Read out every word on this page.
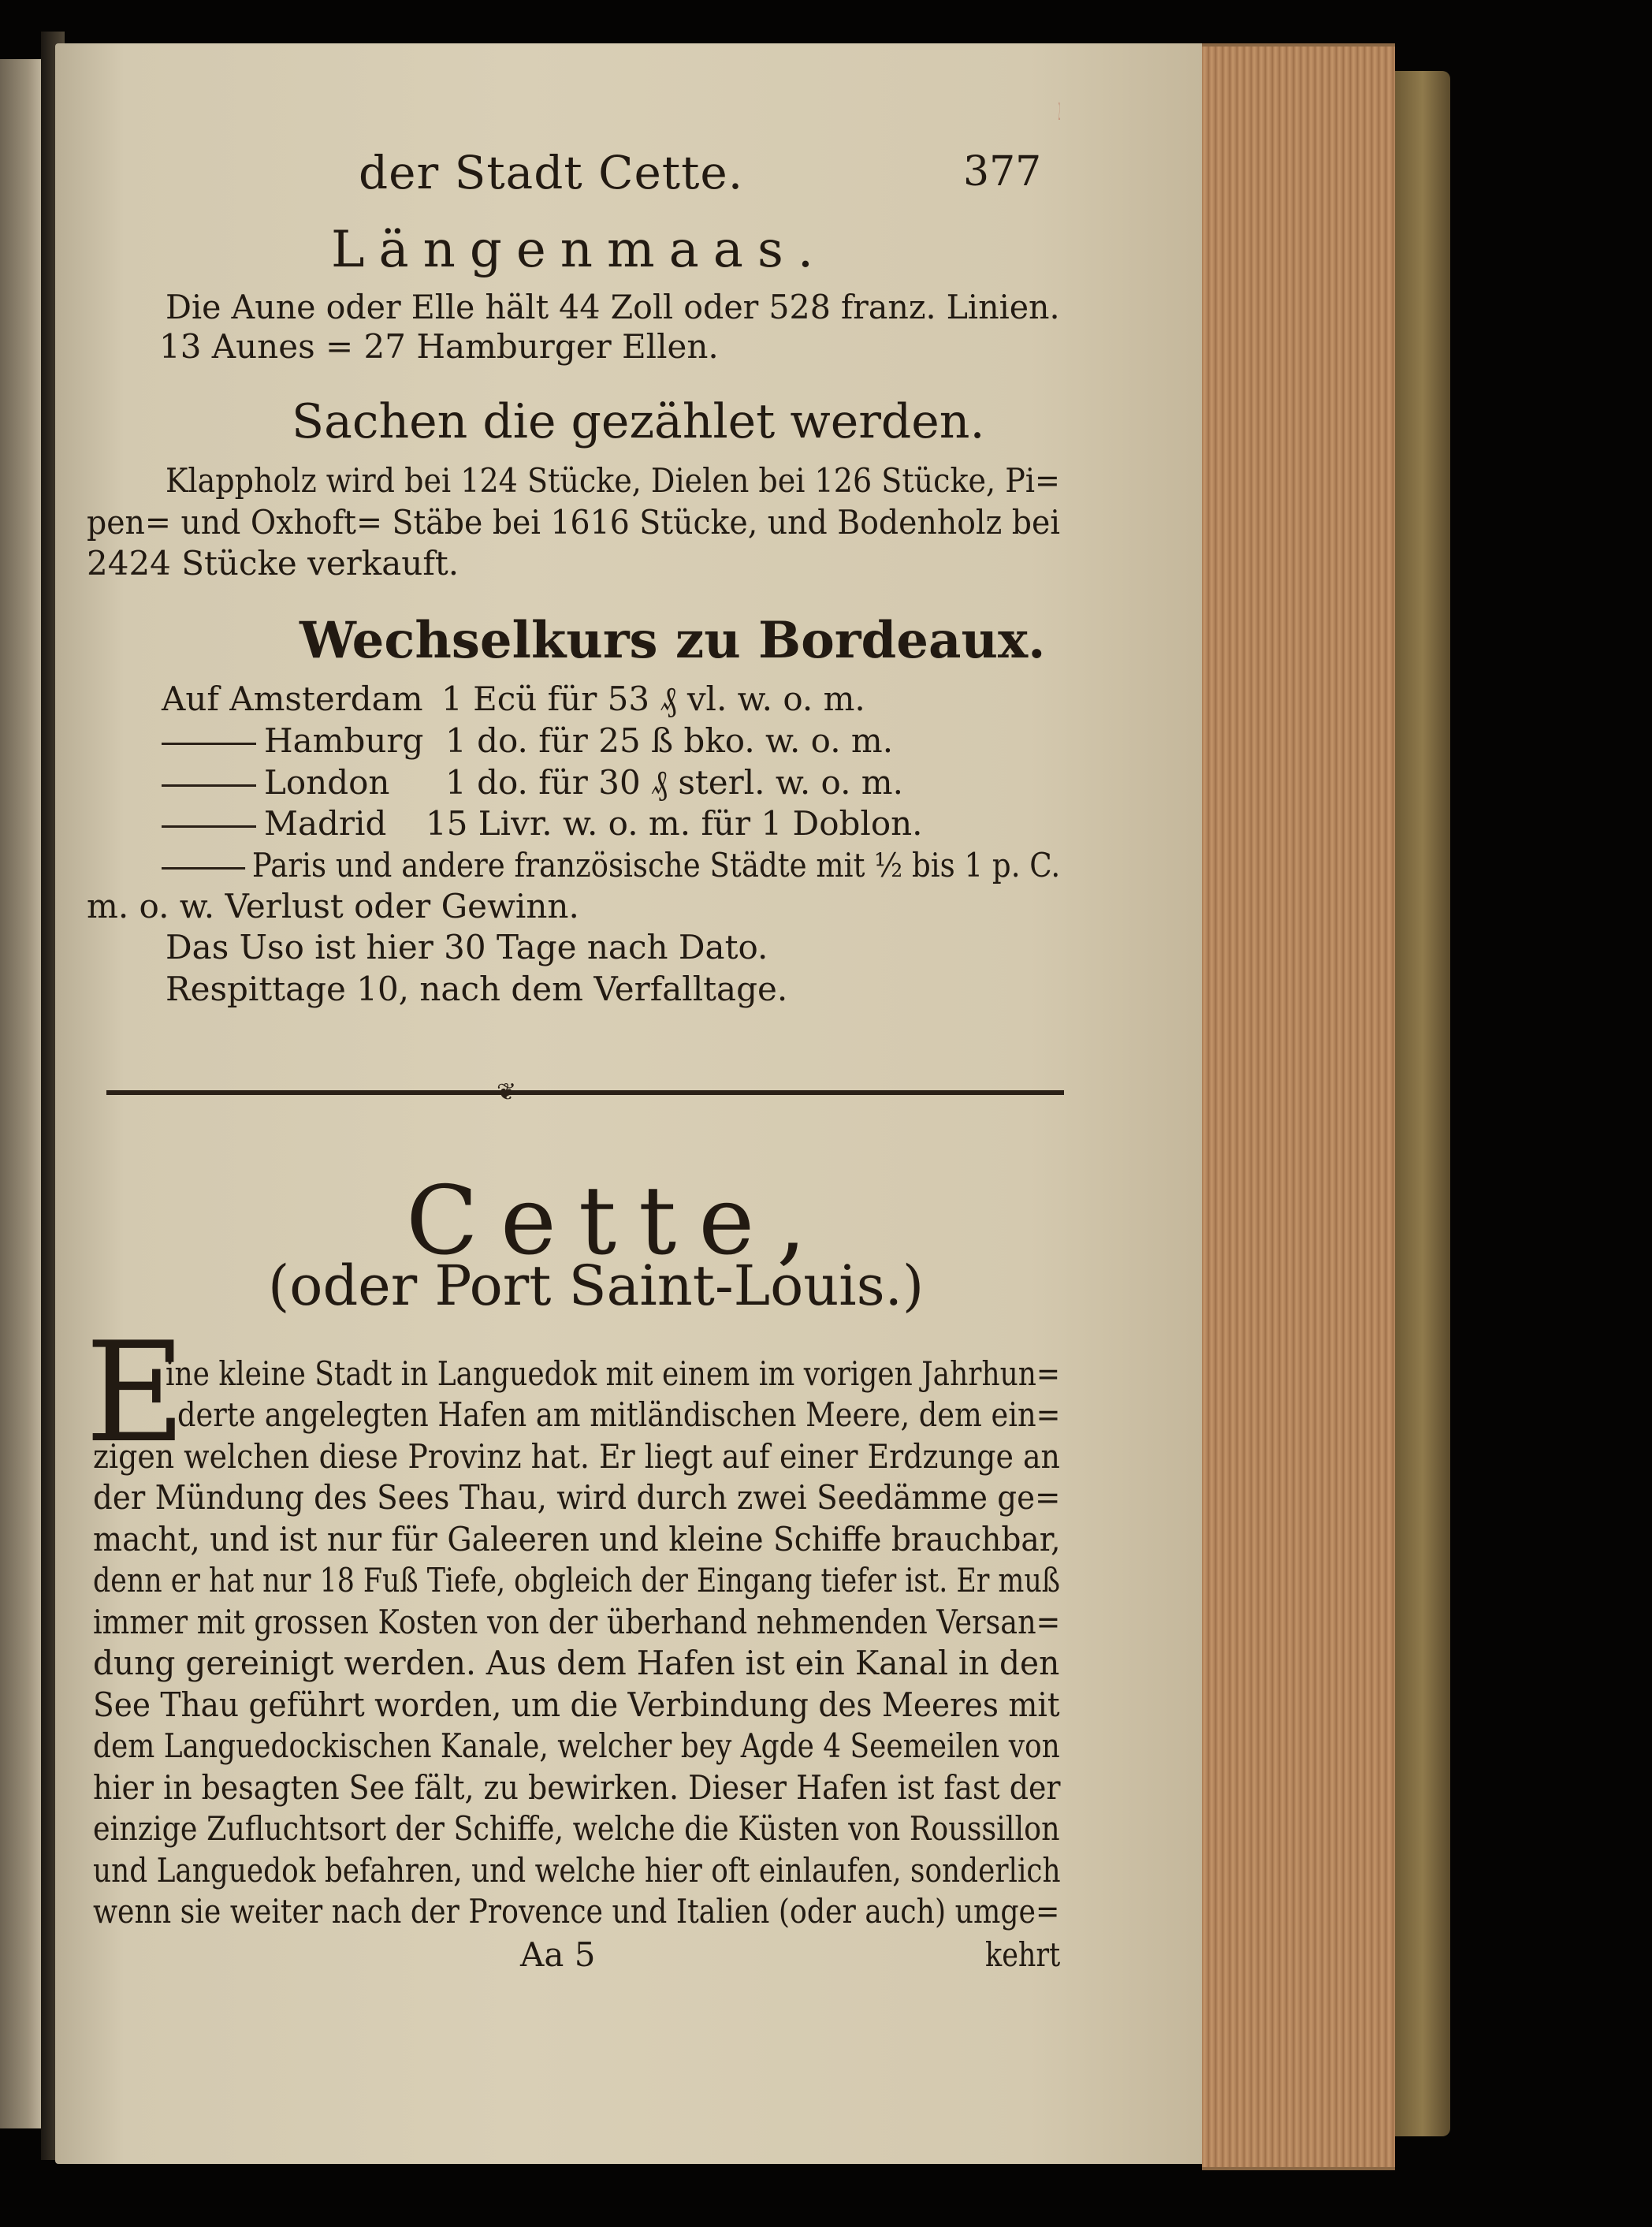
2
der Stadt Cette.	377
Längenmaas.
Die Aune oder Elle hält 44 Zoll oder 528 franz. Linien.
13 Aunes = 27 Hamburger Ellen.
Sachen die gezählet werden.
Klappholz wird bei 124 Stücke, Dielen bei 126 Stücke, Pi=
pen= und Oxhoft= Stäbe bei 1616 Stücke, und Bodenholz bei
2424 Stücke verkauft.
Wechselkurs zu Bordeaux.
Auf Amsterdam 1 Ecü für 53 ₰ vl. w. o. m.
Hamburg 1 do. für 25 ß bko. w. o. m.
London 1 do. für 30 ₰ sterl. w. o. m.
Madrid 15 Livr. w. o. m. für 1 Doblon.
Paris und andere französische Städte mit ½ bis 1 p. C.
m. o. w. Verlust oder Gewinn.
Das Uso ist hier 30 Tage nach Dato.
Respittage 10, nach dem Verfalltage.
❦
Cette,
(oder Port Saint-Louis.)
E
ine kleine Stadt in Languedok mit einem im vorigen Jahrhun=
derte angelegten Hafen am mitländischen Meere, dem ein=
zigen welchen diese Provinz hat. Er liegt auf einer Erdzunge an
der Mündung des Sees Thau, wird durch zwei Seedämme ge=
macht, und ist nur für Galeeren und kleine Schiffe brauchbar,
denn er hat nur 18 Fuß Tiefe, obgleich der Eingang tiefer ist. Er muß
immer mit grossen Kosten von der überhand nehmenden Versan=
dung gereinigt werden. Aus dem Hafen ist ein Kanal in den
See Thau geführt worden, um die Verbindung des Meeres mit
dem Languedockischen Kanale, welcher bey Agde 4 Seemeilen von
hier in besagten See fält, zu bewirken. Dieser Hafen ist fast der
einzige Zufluchtsort der Schiffe, welche die Küsten von Roussillon
und Languedok befahren, und welche hier oft einlaufen, sonderlich
wenn sie weiter nach der Provence und Italien (oder auch) umge=
Aa 5	kehrt
